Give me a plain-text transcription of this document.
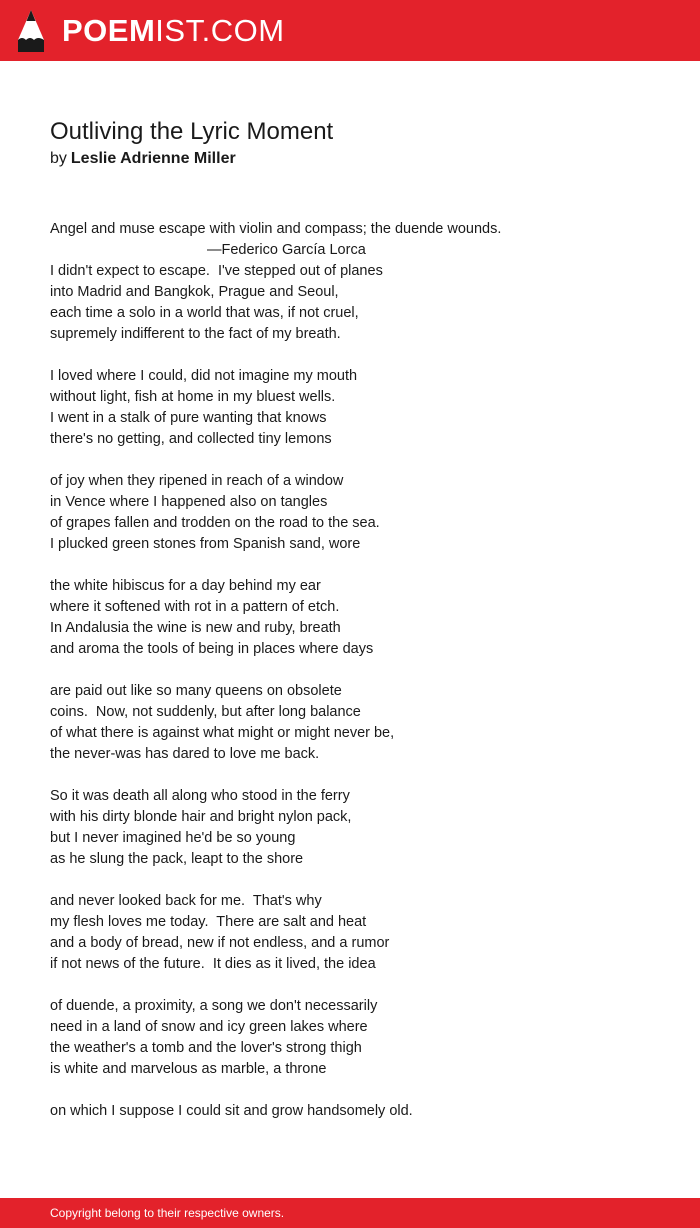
POEMIST.COM
Outliving the Lyric Moment
by Leslie Adrienne Miller
Angel and muse escape with violin and compass; the duende wounds.
—Federico García Lorca
I didn't expect to escape.  I've stepped out of planes
into Madrid and Bangkok, Prague and Seoul,
each time a solo in a world that was, if not cruel,
supremely indifferent to the fact of my breath.
I loved where I could, did not imagine my mouth
without light, fish at home in my bluest wells.
I went in a stalk of pure wanting that knows
there's no getting, and collected tiny lemons
of joy when they ripened in reach of a window
in Vence where I happened also on tangles
of grapes fallen and trodden on the road to the sea.
I plucked green stones from Spanish sand, wore
the white hibiscus for a day behind my ear
where it softened with rot in a pattern of etch.
In Andalusia the wine is new and ruby, breath
and aroma the tools of being in places where days
are paid out like so many queens on obsolete
coins.  Now, not suddenly, but after long balance
of what there is against what might or might never be,
the never-was has dared to love me back.
So it was death all along who stood in the ferry
with his dirty blonde hair and bright nylon pack,
but I never imagined he'd be so young
as he slung the pack, leapt to the shore
and never looked back for me.  That's why
my flesh loves me today.  There are salt and heat
and a body of bread, new if not endless, and a rumor
if not news of the future.  It dies as it lived, the idea
of duende, a proximity, a song we don't necessarily
need in a land of snow and icy green lakes where
the weather's a tomb and the lover's strong thigh
is white and marvelous as marble, a throne
on which I suppose I could sit and grow handsomely old.
Copyright belong to their respective owners.
